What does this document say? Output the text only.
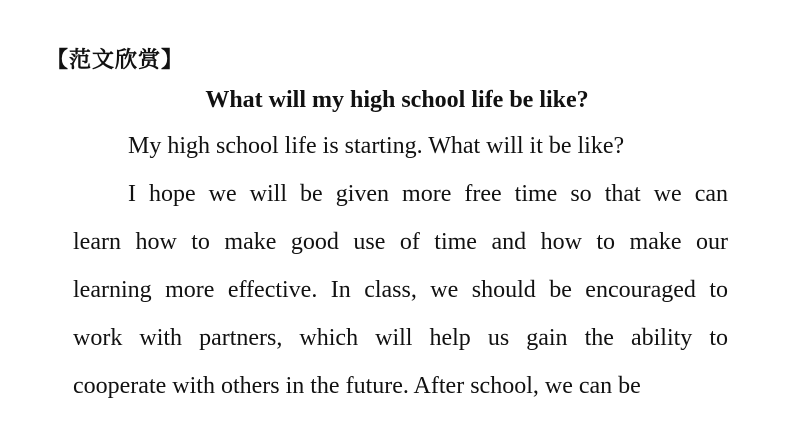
【范文欣赏】
What will my high school life be like?
My high school life is starting. What will it be like?
I hope we will be given more free time so that we can
learn how to make good use of time and how to make our
learning more effective. In class, we should be encouraged to
work with partners, which will help us gain the ability to
cooperate with others in the future. After school, we can be
